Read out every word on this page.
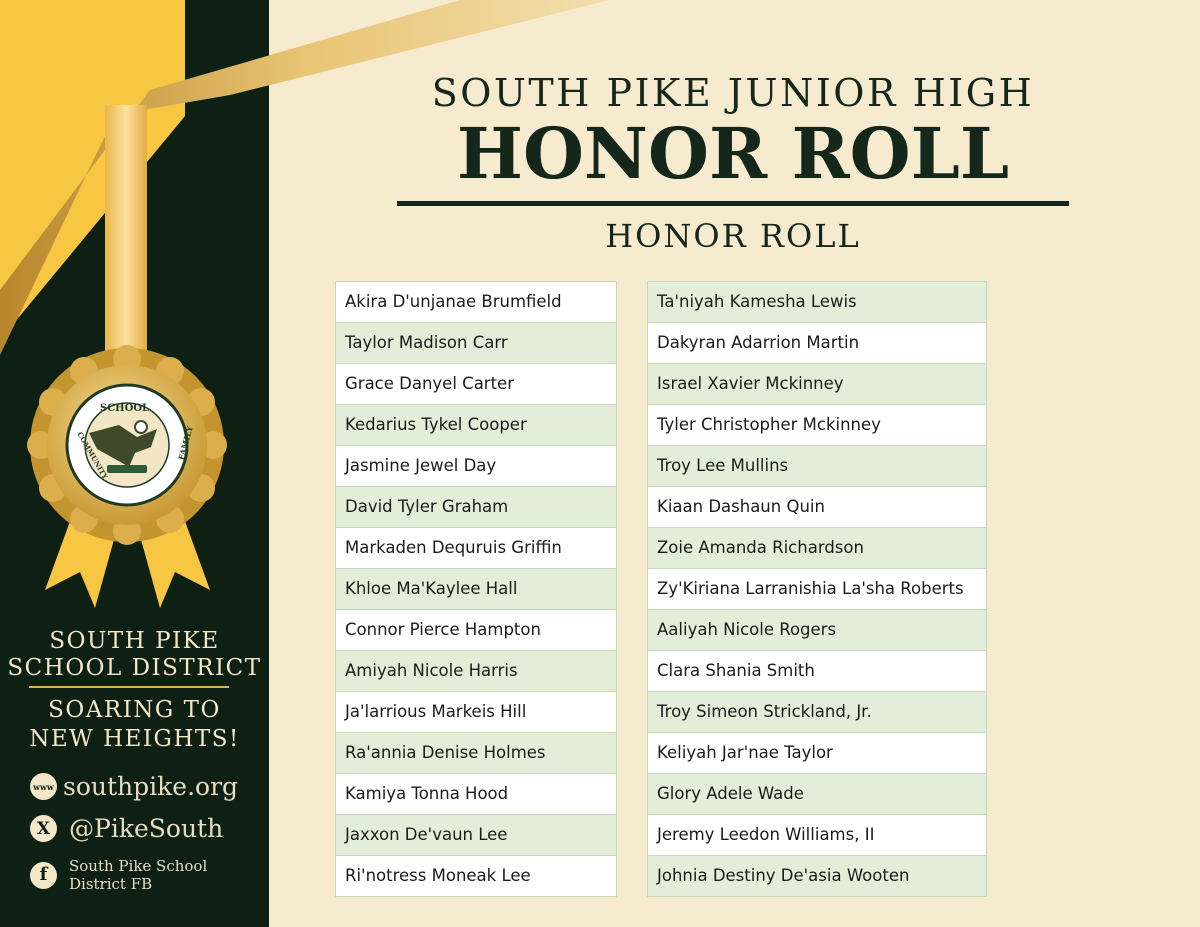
SCHOOL
COMMUNITY	FAMILY
SOUTH PIKE
SCHOOL DISTRICT
SOARING TO
NEW HEIGHTS!
www southpike.org
X @PikeSouth
f	South Pike School
District FB
SOUTH PIKE JUNIOR HIGH
HONOR ROLL
HONOR ROLL
Akira D'unjanae Brumfield
Taylor Madison Carr
Grace Danyel Carter
Kedarius Tykel Cooper
Jasmine Jewel Day
David Tyler Graham
Markaden Dequruis Griffin
Khloe Ma'Kaylee Hall
Connor Pierce Hampton
Amiyah Nicole Harris
Ja'larrious Markeis Hill
Ra'annia Denise Holmes
Kamiya Tonna Hood
Jaxxon De'vaun Lee
Ri'notress Moneak Lee
Ta'niyah Kamesha Lewis
Dakyran Adarrion Martin
Israel Xavier Mckinney
Tyler Christopher Mckinney
Troy Lee Mullins
Kiaan Dashaun Quin
Zoie Amanda Richardson
Zy'Kiriana Larranishia La'sha Roberts
Aaliyah Nicole Rogers
Clara Shania Smith
Troy Simeon Strickland, Jr.
Keliyah Jar'nae Taylor
Glory Adele Wade
Jeremy Leedon Williams, II
Johnia Destiny De'asia Wooten
